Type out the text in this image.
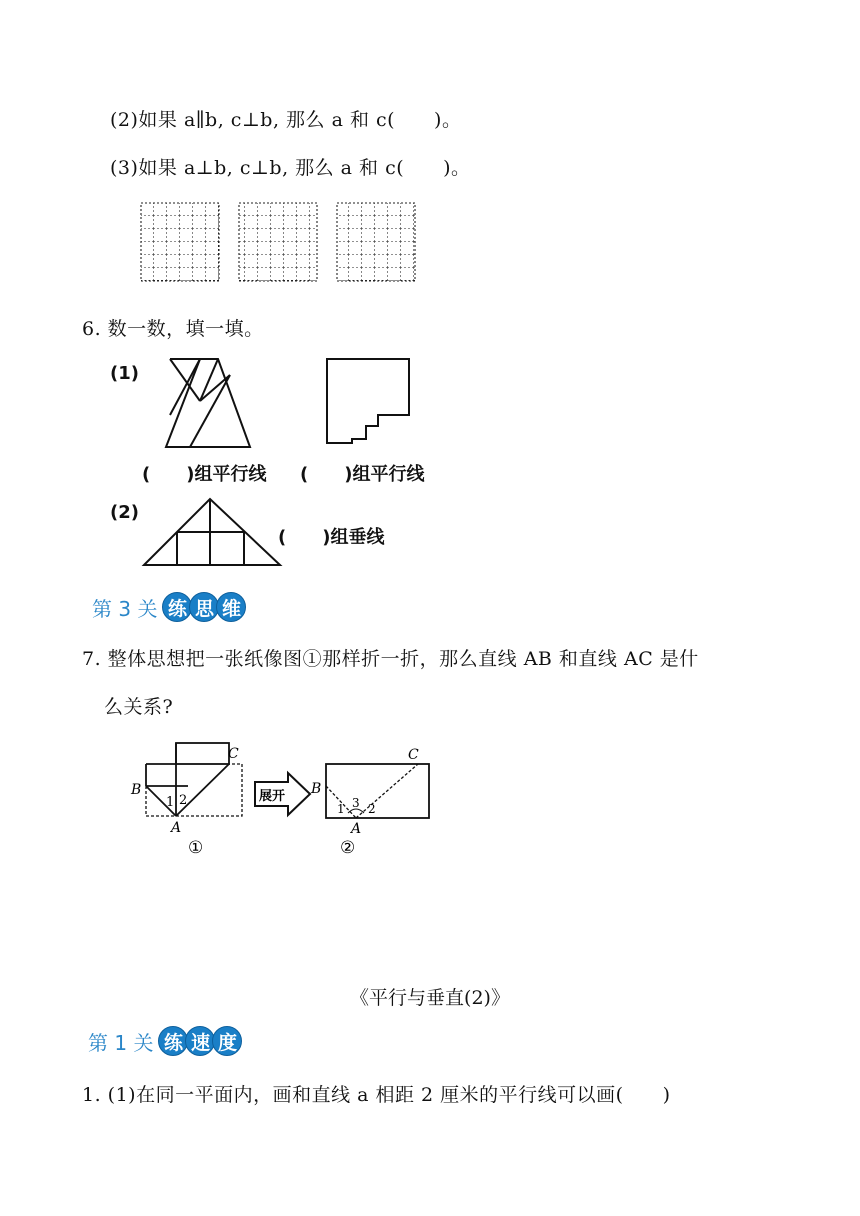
(2)如果 a∥b, c⊥b, 那么 a 和 c(　　)。
(3)如果 a⊥b, c⊥b, 那么 a 和 c(　　)。
6. 数一数，填一填。
(1)
(　　)组平行线 (　　)组平行线
(2)
(　　)组垂线
第 3 关 练 思 维
7. 整体思想把一张纸像图①那样折一折，那么直线 AB 和直线 AC 是什
么关系?
B
C
A
1 2
①
展开 B
C
A
1 3 2
②
《平行与垂直(2)》
第 1 关 练 速 度
1. (1)在同一平面内，画和直线 a 相距 2 厘米的平行线可以画(　　)
